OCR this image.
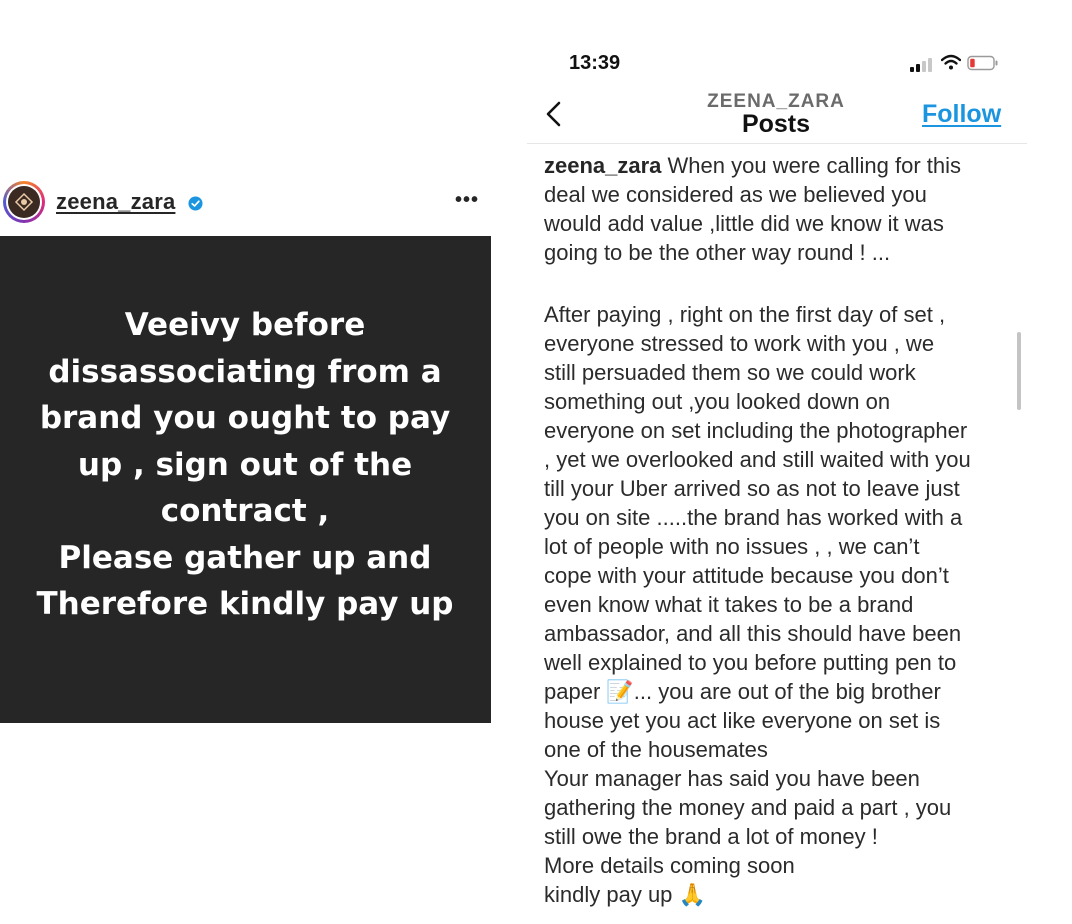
zeena_zara	•••
Veeivy before
dissassociating from a
brand you ought to pay
up , sign out of the
contract ,
Please gather up and
Therefore kindly pay up
13:39
ZEENA_ZARA
Posts	Follow
zeena_zara When you were calling for this
deal we considered as we believed you
would add value ,little did we know it was
going to be the other way round ! ...
After paying , right on the first day of set ,
everyone stressed to work with you , we
still persuaded them so we could work
something out ,you looked down on
everyone on set including the photographer
, yet we overlooked and still waited with you
till your Uber arrived so as not to leave just
you on site .....the brand has worked with a
lot of people with no issues , , we can’t
cope with your attitude because you don’t
even know what it takes to be a brand
ambassador, and all this should have been
well explained to you before putting pen to
paper 📝... you are out of the big brother
house yet you act like everyone on set is
one of the housemates
Your manager has said you have been
gathering the money and paid a part , you
still owe the brand a lot of money !
More details coming soon
kindly pay up 🙏
